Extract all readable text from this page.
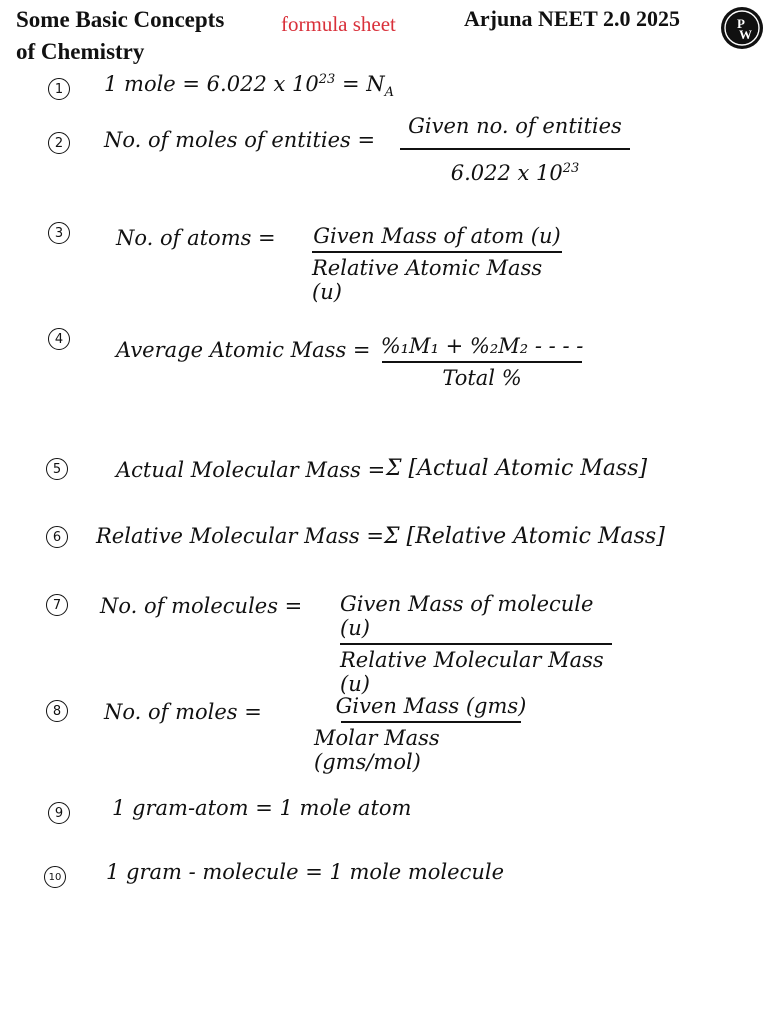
Some Basic Concepts
of Chemistry
formula sheet	Arjuna NEET 2.0 2025	P
W
1	1 mole = 6.022 x $10^{23} = N_A$
2	No. of moles of entities =
Given no. of entities
6.022 x $10^{23}$
3	No. of atoms = Given Mass of atom (u)
Relative Atomic Mass (u)
4	Average Atomic Mass = %₁M₁ + %₂M₂ - - - -
Total %
5	Actual Molecular Mass = Σ [Actual Atomic Mass]
6	Relative Molecular Mass = Σ [Relative Atomic Mass]
7	No. of molecules = Given Mass of molecule (u)
Relative Molecular Mass (u)
8	No. of moles =	Given Mass (gms)
Molar Mass (gms/mol)
9	1 gram-atom = 1 mole atom
10 1 gram - molecule = 1 mole molecule
